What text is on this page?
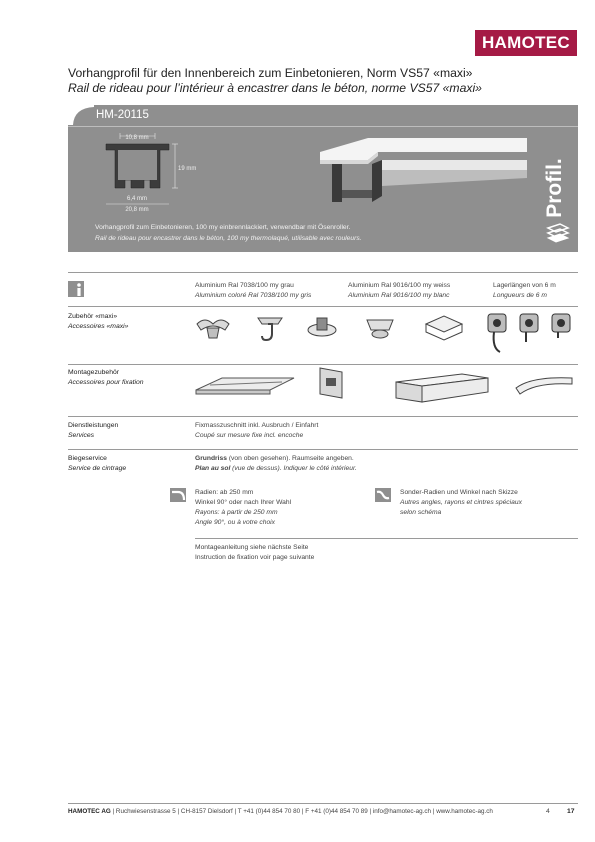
HAMOTEC
Vorhangprofil für den Innenbereich zum Einbetonieren, Norm VS57 «maxi»
Rail de rideau pour l’intérieur à encastrer dans le béton, norme VS57 «maxi»
HM-20115
10,8 mm
19 mm
6,4 mm
20,8 mm
Vorhangprofil zum Einbetonieren, 100 my einbrennlackiert, verwendbar mit Ösenroller.
Rail de rideau pour encastrer dans le béton, 100 my thermolaqué, utilisable avec rouleurs.
Profil.
Aluminium Ral 7038/100 my grau
Aluminium coloré Ral 7038/100 my gris
Aluminium Ral 9016/100 my weiss
Aluminium Ral 9016/100 my blanc
Lagerlängen von 6 m
Longueurs de 6 m
Zubehör «maxi»
Accessoires «maxi»
Montagezubehör
Accessoires pour fixation
Dienstleistungen
Services
Fixmasszuschnitt inkl. Ausbruch / Einfahrt
Coupé sur mesure fixe incl. encoche
Biegeservice
Service de cintrage
Grundriss (von oben gesehen). Raumseite angeben.
Plan au sol (vue de dessus). Indiquer le côté intérieur.
Radien: ab 250 mm
Winkel 90° oder nach Ihrer Wahl
Rayons: à partir de 250 mm
Angle 90°, ou à votre choix
Sonder-Radien und Winkel nach Skizze
Autres angles, rayons et cintres spéciaux
selon schéma
Montageanleitung siehe nächste Seite
Instruction de fixation voir page suivante
HAMOTEC AG | Ruchwiesenstrasse 5 | CH-8157 Dielsdorf | T +41 (0)44 854 70 80 | F +41 (0)44 854 70 89 | info@hamotec-ag.ch | www.hamotec-ag.ch	4	17
